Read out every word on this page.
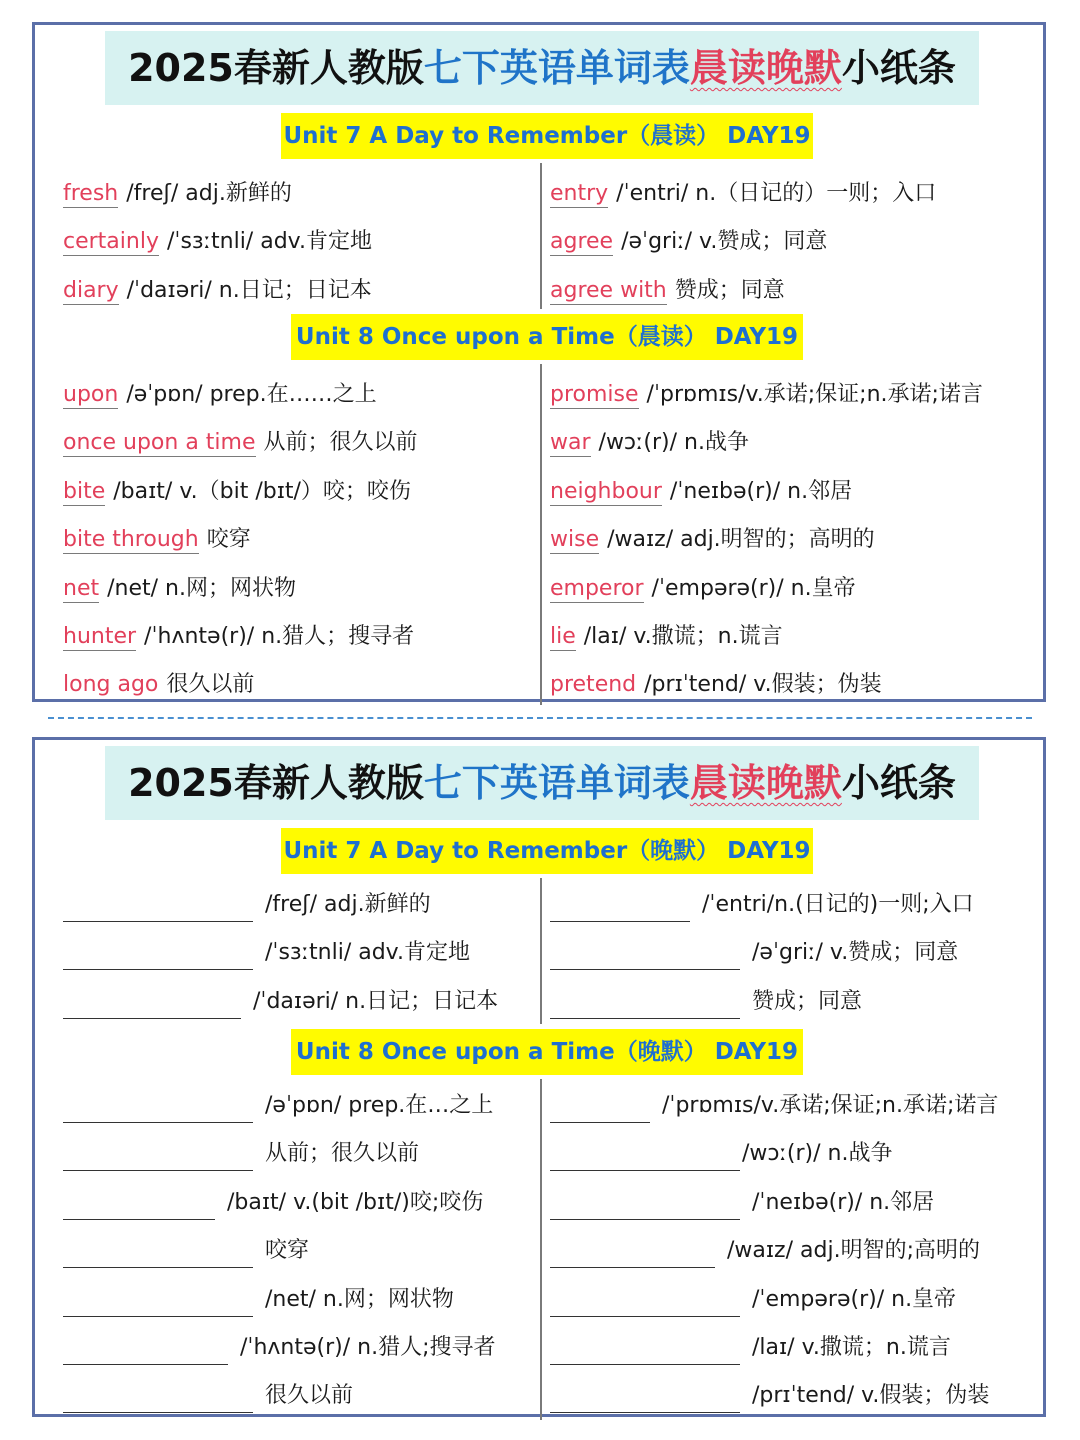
2025春新人教版七下英语单词表晨读晚默小纸条
Unit 7 A Day to Remember（晨读） DAY19
fresh /freʃ/ adj.新鲜的
certainly /ˈsɜːtnli/ adv.肯定地
diary /ˈdaɪəri/ n.日记；日记本
entry /ˈentri/ n.（日记的）一则；入口
agree /əˈgriː/ v.赞成；同意
agree with 赞成；同意
Unit 8 Once upon a Time（晨读） DAY19
upon /əˈpɒn/ prep.在……之上
once upon a time 从前；很久以前
bite /baɪt/ v.（bit /bɪt/）咬；咬伤
bite through 咬穿
net /net/ n.网；网状物
hunter /ˈhʌntə(r)/ n.猎人；搜寻者
long ago 很久以前
promise /ˈprɒmɪs/v.承诺;保证;n.承诺;诺言
war /wɔː(r)/ n.战争
neighbour /ˈneɪbə(r)/ n.邻居
wise /waɪz/ adj.明智的；高明的
emperor /ˈempərə(r)/ n.皇帝
lie /laɪ/ v.撒谎；n.谎言
pretend /prɪˈtend/ v.假装；伪装
2025春新人教版七下英语单词表晨读晚默小纸条
Unit 7 A Day to Remember（晚默） DAY19
/freʃ/ adj.新鲜的
/ˈsɜːtnli/ adv.肯定地
/ˈdaɪəri/ n.日记；日记本
/ˈentri/n.(日记的)一则;入口
/əˈgriː/ v.赞成；同意
赞成；同意
Unit 8 Once upon a Time（晚默） DAY19
/əˈpɒn/ prep.在…之上
从前；很久以前
/baɪt/ v.(bit /bɪt/)咬;咬伤
咬穿
/net/ n.网；网状物
/ˈhʌntə(r)/ n.猎人;搜寻者
很久以前
/ˈprɒmɪs/v.承诺;保证;n.承诺;诺言
/wɔː(r)/ n.战争
/ˈneɪbə(r)/ n.邻居
/waɪz/ adj.明智的;高明的
/ˈempərə(r)/ n.皇帝
/laɪ/ v.撒谎；n.谎言
/prɪˈtend/ v.假装；伪装
